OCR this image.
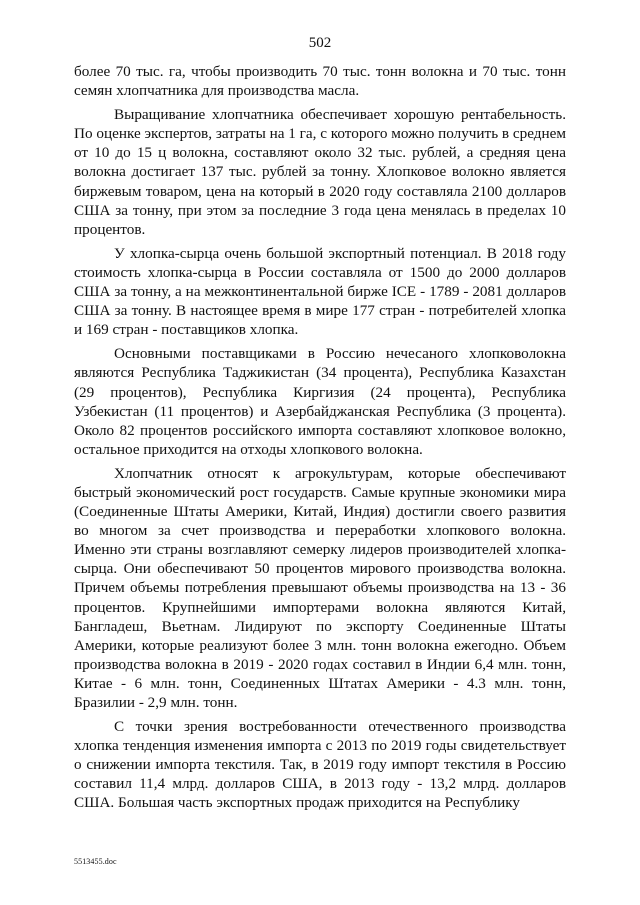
502

более 70 тыс. га, чтобы производить 70 тыс. тонн волокна и 70 тыс. тонн семян хлопчатника для производства масла.

Выращивание хлопчатника обеспечивает хорошую рентабельность. По оценке экспертов, затраты на 1 га, с которого можно получить в среднем от 10 до 15 ц волокна, составляют около 32 тыс. рублей, а средняя цена волокна достигает 137 тыс. рублей за тонну. Хлопковое волокно является биржевым товаром, цена на который в 2020 году составляла 2100 долларов США за тонну, при этом за последние 3 года цена менялась в пределах 10 процентов.

У хлопка-сырца очень большой экспортный потенциал. В 2018 году стоимость хлопка-сырца в России составляла от 1500 до 2000 долларов США за тонну, а на межконтинентальной бирже ICE - 1789 - 2081 долларов США за тонну. В настоящее время в мире 177 стран - потребителей хлопка и 169 стран - поставщиков хлопка.

Основными поставщиками в Россию нечесаного хлопковолокна являются Республика Таджикистан (34 процента), Республика Казахстан (29 процентов), Республика Киргизия (24 процента), Республика Узбекистан (11 процентов) и Азербайджанская Республика (3 процента). Около 82 процентов российского импорта составляют хлопковое волокно, остальное приходится на отходы хлопкового волокна.

Хлопчатник относят к агрокультурам, которые обеспечивают быстрый экономический рост государств. Самые крупные экономики мира (Соединенные Штаты Америки, Китай, Индия) достигли своего развития во многом за счет производства и переработки хлопкового волокна. Именно эти страны возглавляют семерку лидеров производителей хлопка-сырца. Они обеспечивают 50 процентов мирового производства волокна. Причем объемы потребления превышают объемы производства на 13 - 36 процентов. Крупнейшими импортерами волокна являются Китай, Бангладеш, Вьетнам. Лидируют по экспорту Соединенные Штаты Америки, которые реализуют более 3 млн. тонн волокна ежегодно. Объем производства волокна в 2019 - 2020 годах составил в Индии 6,4 млн. тонн, Китае - 6 млн. тонн, Соединенных Штатах Америки - 4.3 млн. тонн, Бразилии - 2,9 млн. тонн.

С точки зрения востребованности отечественного производства хлопка тенденция изменения импорта с 2013 по 2019 годы свидетельствует о снижении импорта текстиля. Так, в 2019 году импорт текстиля в Россию составил 11,4 млрд. долларов США, в 2013 году - 13,2 млрд. долларов США. Большая часть экспортных продаж приходится на Республику

5513455.doc
